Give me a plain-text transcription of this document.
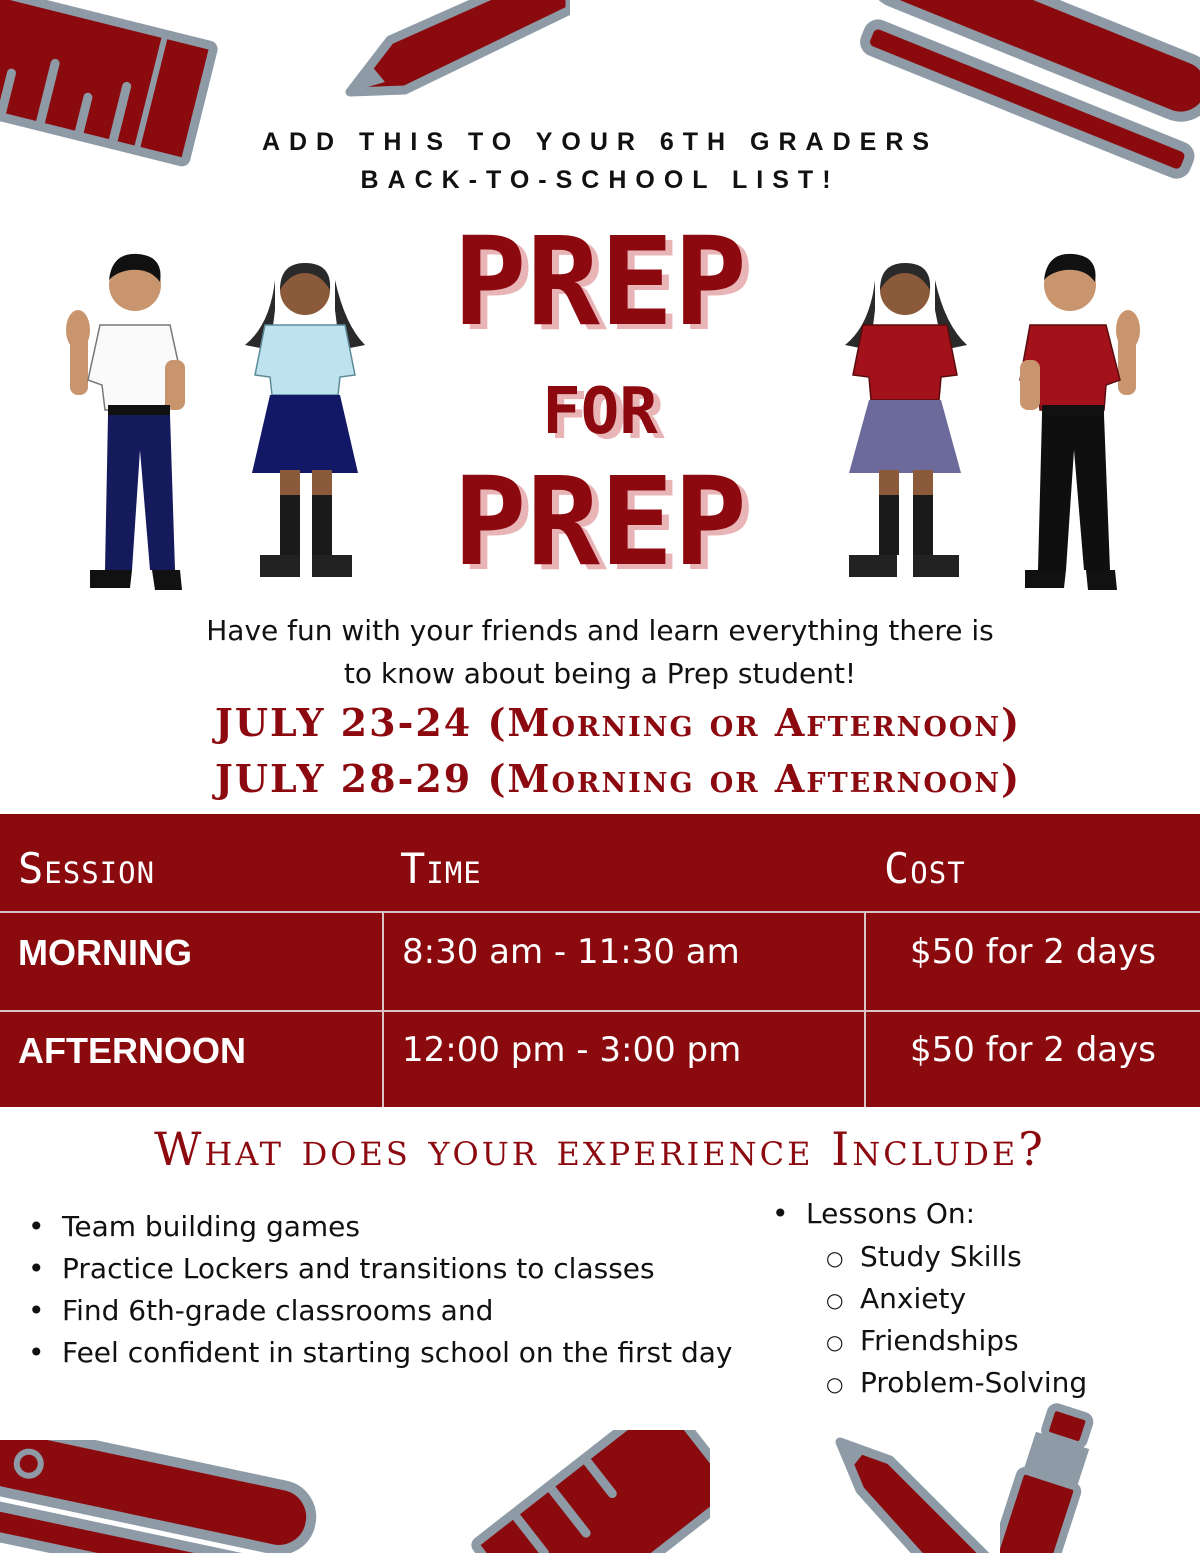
ADD THIS TO YOUR 6TH GRADERS
BACK-TO-SCHOOL LIST!
PREP
FOR
PREP
Have fun with your friends and learn everything there is
to know about being a Prep student!
JULY 23-24 (Morning or Afternoon)
JULY 28-29 (Morning or Afternoon)
Session	Time	Cost
MORNING	8:30 am - 11:30 am	$50 for 2 days
AFTERNOON	12:00 pm - 3:00 pm	$50 for 2 days
What does your experience Include?
• Team building games
• Practice Lockers and transitions to classes
• Find 6th-grade classrooms and
• Feel confident in starting school on the first day
• Lessons On:
○ Study Skills
○ Anxiety
○ Friendships
○ Problem-Solving
